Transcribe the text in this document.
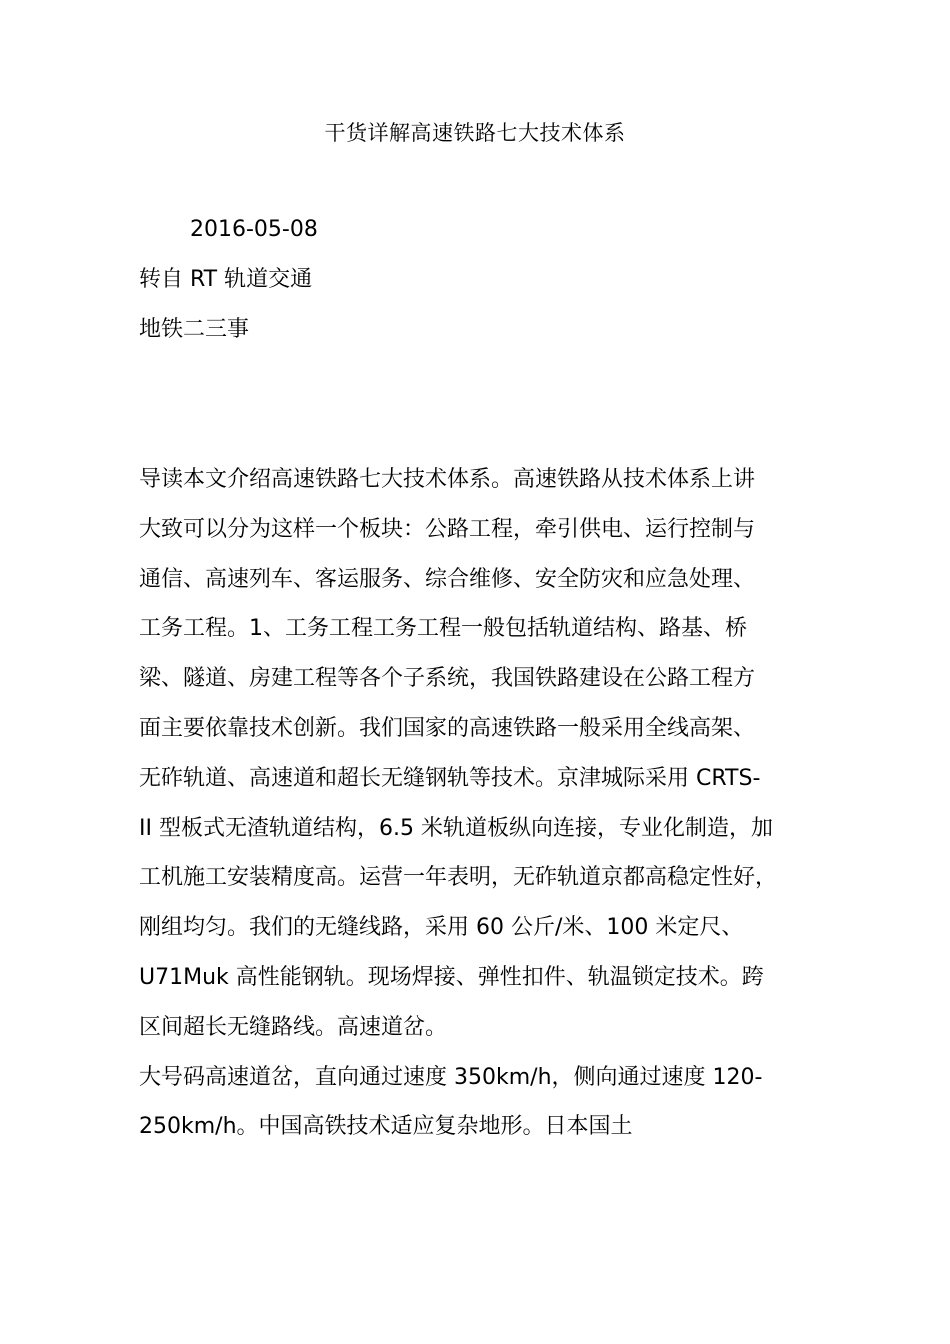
干货详解高速铁路七大技术体系
2016-05-08
转自 RT 轨道交通
地铁二三事
导读本文介绍高速铁路七大技术体系。高速铁路从技术体系上讲
大致可以分为这样一个板块：公路工程，牵引供电、运行控制与
通信、高速列车、客运服务、综合维修、安全防灾和应急处理、
工务工程。1、工务工程工务工程一般包括轨道结构、路基、桥
梁、隧道、房建工程等各个子系统，我国铁路建设在公路工程方
面主要依靠技术创新。我们国家的高速铁路一般采用全线高架、
无砟轨道、高速道和超长无缝钢轨等技术。京津城际采用 CRTS-
II 型板式无渣轨道结构，6.5 米轨道板纵向连接，专业化制造，加
工机施工安装精度高。运营一年表明，无砟轨道京都高稳定性好，
刚组均匀。我们的无缝线路，采用 60 公斤/米、100 米定尺、
U71Muk 高性能钢轨。现场焊接、弹性扣件、轨温锁定技术。跨
区间超长无缝路线。高速道岔。
大号码高速道岔，直向通过速度 350km/h，侧向通过速度 120-
250km/h。中国高铁技术适应复杂地形。日本国土
